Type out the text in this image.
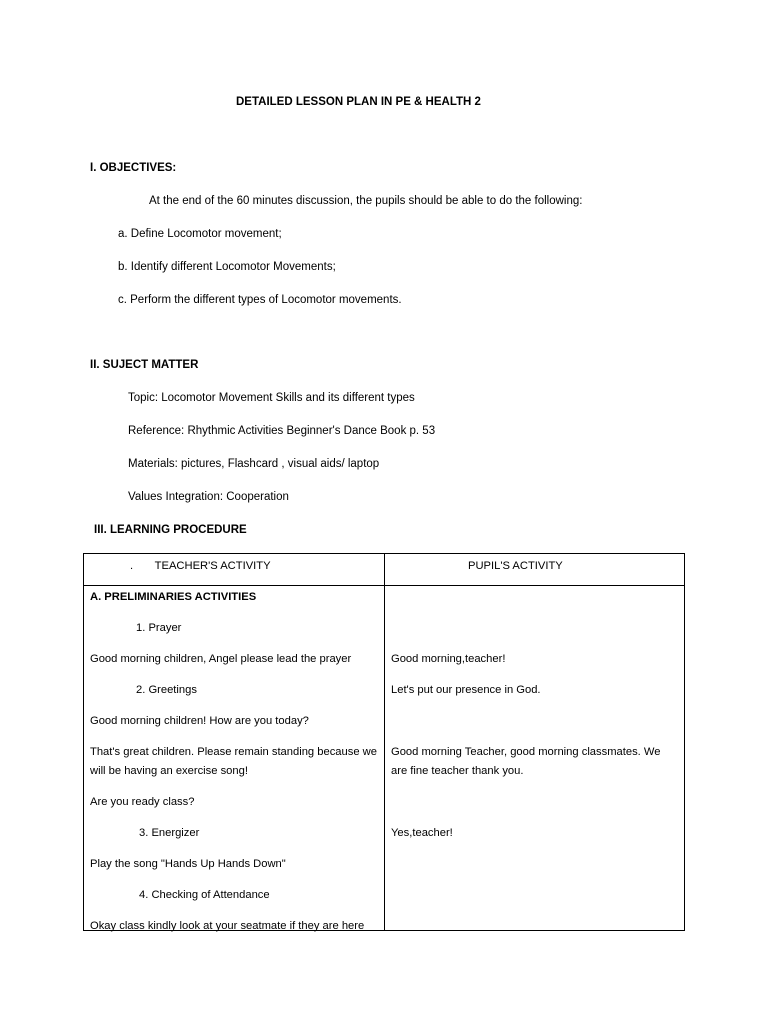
DETAILED LESSON PLAN IN PE & HEALTH 2
I. OBJECTIVES:
At the end of the 60 minutes discussion, the pupils should be able to do the following:
a. Define Locomotor movement;
b. Identify different Locomotor Movements;
c. Perform the different types of Locomotor movements.
II. SUJECT MATTER
Topic: Locomotor Movement Skills and its different types
Reference: Rhythmic Activities Beginner's Dance Book p. 53
Materials: pictures, Flashcard , visual aids/ laptop
Values Integration: Cooperation
III. LEARNING PROCEDURE
.       TEACHER'S ACTIVITY	PUPIL'S ACTIVITY
A. PRELIMINARIES ACTIVITIES
1. Prayer
Good morning children, Angel please lead the prayer
2. Greetings
Good morning children! How are you today?
That's great children. Please remain standing because we will be having an exercise song!
Are you ready class?
3. Energizer
Play the song "Hands Up Hands Down"
4. Checking of Attendance
Okay class kindly look at your seatmate if they are here
Good morning,teacher!
Let's put our presence in God.
Good morning Teacher, good morning classmates. We are fine teacher thank you.
Yes,teacher!
